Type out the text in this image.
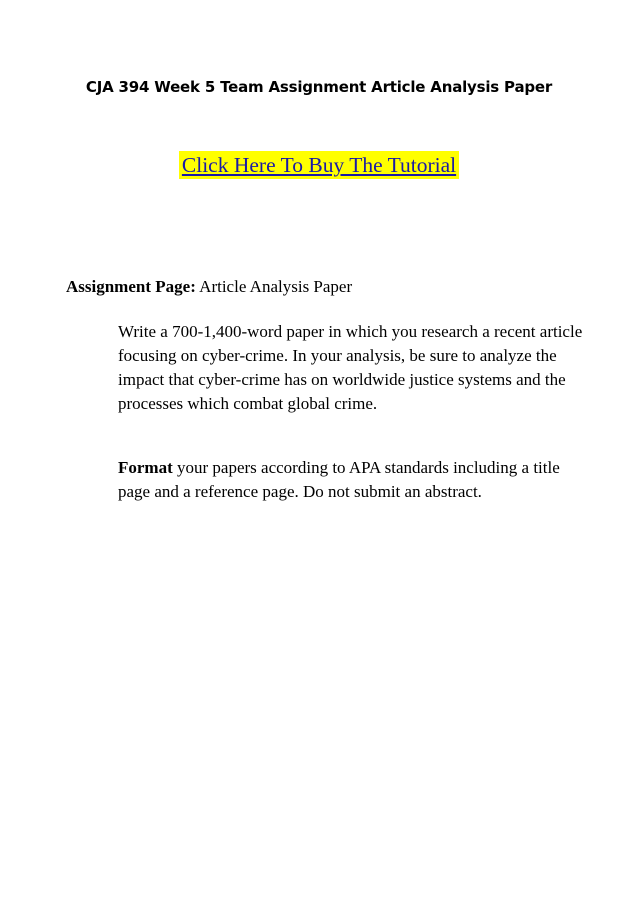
CJA 394 Week 5 Team Assignment Article Analysis Paper
Click Here To Buy The Tutorial
Assignment Page: Article Analysis Paper
Write a 700-1,400-word paper in which you research a recent article focusing on cyber-crime. In your analysis, be sure to analyze the impact that cyber-crime has on worldwide justice systems and the processes which combat global crime.
Format your papers according to APA standards including a title page and a reference page. Do not submit an abstract.
